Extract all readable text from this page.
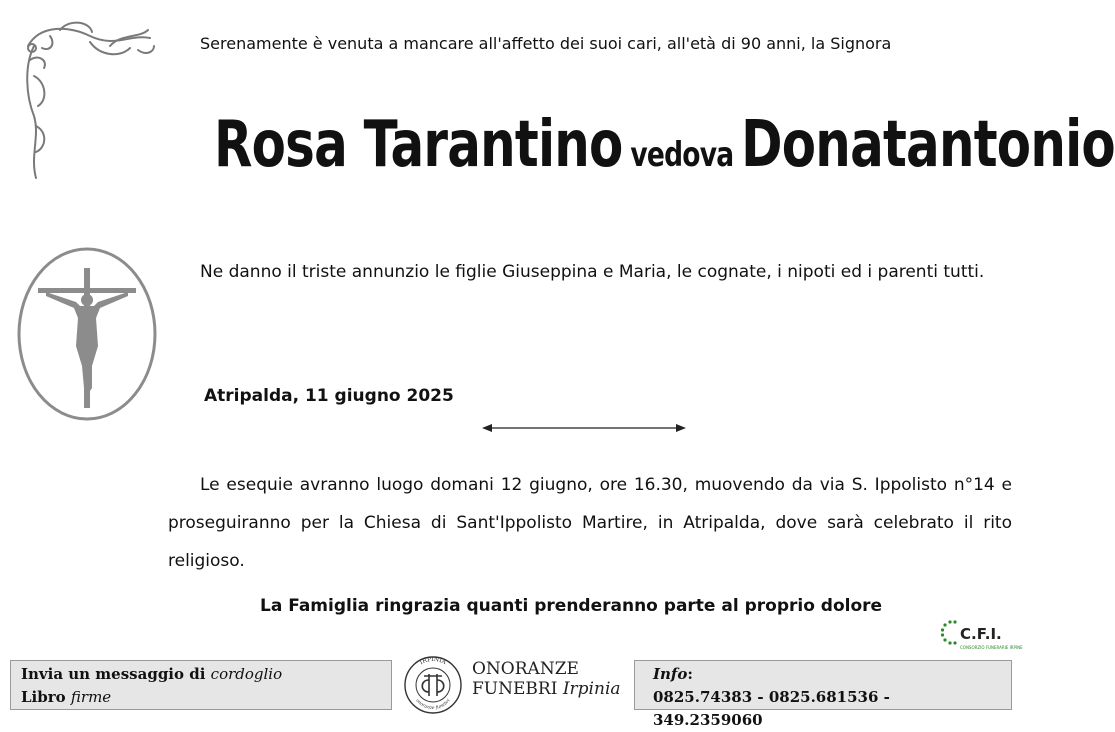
Serenamente è venuta a mancare all'affetto dei suoi cari, all'età di 90 anni, la Signora
Rosa Tarantino vedova Donatantonio
Ne danno il triste annunzio le figlie Giuseppina e Maria, le cognate, i nipoti ed i parenti tutti.
Atripalda, 11 giugno 2025
Le esequie avranno luogo domani 12 giugno, ore 16.30, muovendo da via S. Ippolisto n°14 e proseguiranno per la Chiesa di Sant'Ippolisto Martire, in Atripalda, dove sarà celebrato il rito religioso.
La Famiglia ringrazia quanti prenderanno parte al proprio dolore
C.F.I.
CONSORZIO FUNERARIE IRPINE
Invia un messaggio di cordoglio
Libro firme
IRPINIA
onoranze funebri
ONORANZE
FUNEBRI Irpinia
Info:
0825.74383 - 0825.681536 - 349.2359060
